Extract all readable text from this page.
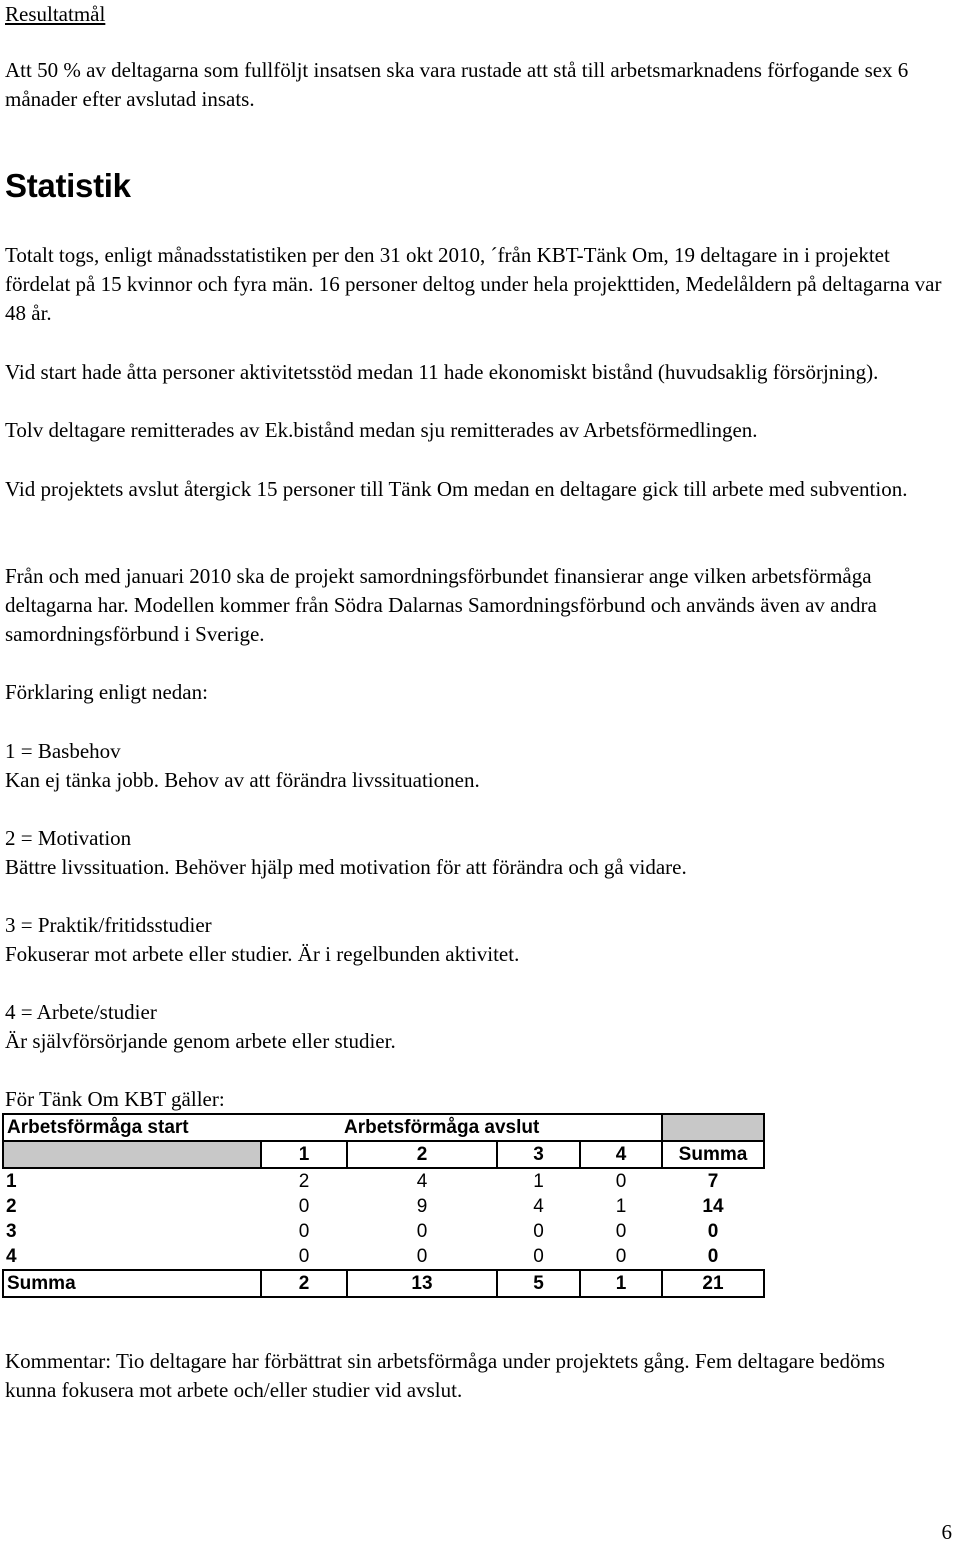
Resultatmål

Att 50 % av deltagarna som fullföljt insatsen ska vara rustade att stå till arbetsmarknadens förfogande sex 6 månader efter avslutad insats.

Statistik

Totalt togs, enligt månadsstatistiken per den 31 okt 2010, ´från KBT-Tänk Om, 19 deltagare in i projektet fördelat på 15 kvinnor och fyra män. 16 personer deltog under hela projekttiden, Medelåldern på deltagarna var 48 år.

Vid start hade åtta personer aktivitetsstöd medan 11 hade ekonomiskt bistånd (huvudsaklig försörjning).

Tolv deltagare remitterades av Ek.bistånd medan sju remitterades av Arbetsförmedlingen.

Vid projektets avslut återgick 15 personer till Tänk Om medan en deltagare gick till arbete med subvention.

Från och med januari 2010 ska de projekt samordningsförbundet finansierar ange vilken arbetsförmåga deltagarna har. Modellen kommer från Södra Dalarnas Samordningsförbund och används även av andra samordningsförbund i Sverige.

Förklaring enligt nedan:

1 = Basbehov

Kan ej tänka jobb. Behov av att förändra livssituationen.

2 = Motivation

Bättre livssituation. Behöver hjälp med motivation för att förändra och gå vidare.

3 = Praktik/fritidsstudier

Fokuserar mot arbete eller studier. Är i regelbunden aktivitet.

4 = Arbete/studier

Är självförsörjande genom arbete eller studier.

För Tänk Om KBT gäller:

Arbetsförmåga start		Arbetsförmåga avslut			
	1	2	3	4	Summa
1	2	4	1	0	7
2	0	9	4	1	14
3	0	0	0	0	0
4	0	0	0	0	0
Summa	2	13	5	1	21

Kommentar: Tio deltagare har förbättrat sin arbetsförmåga under projektets gång. Fem deltagare bedöms kunna fokusera mot arbete och/eller studier vid avslut.

6
